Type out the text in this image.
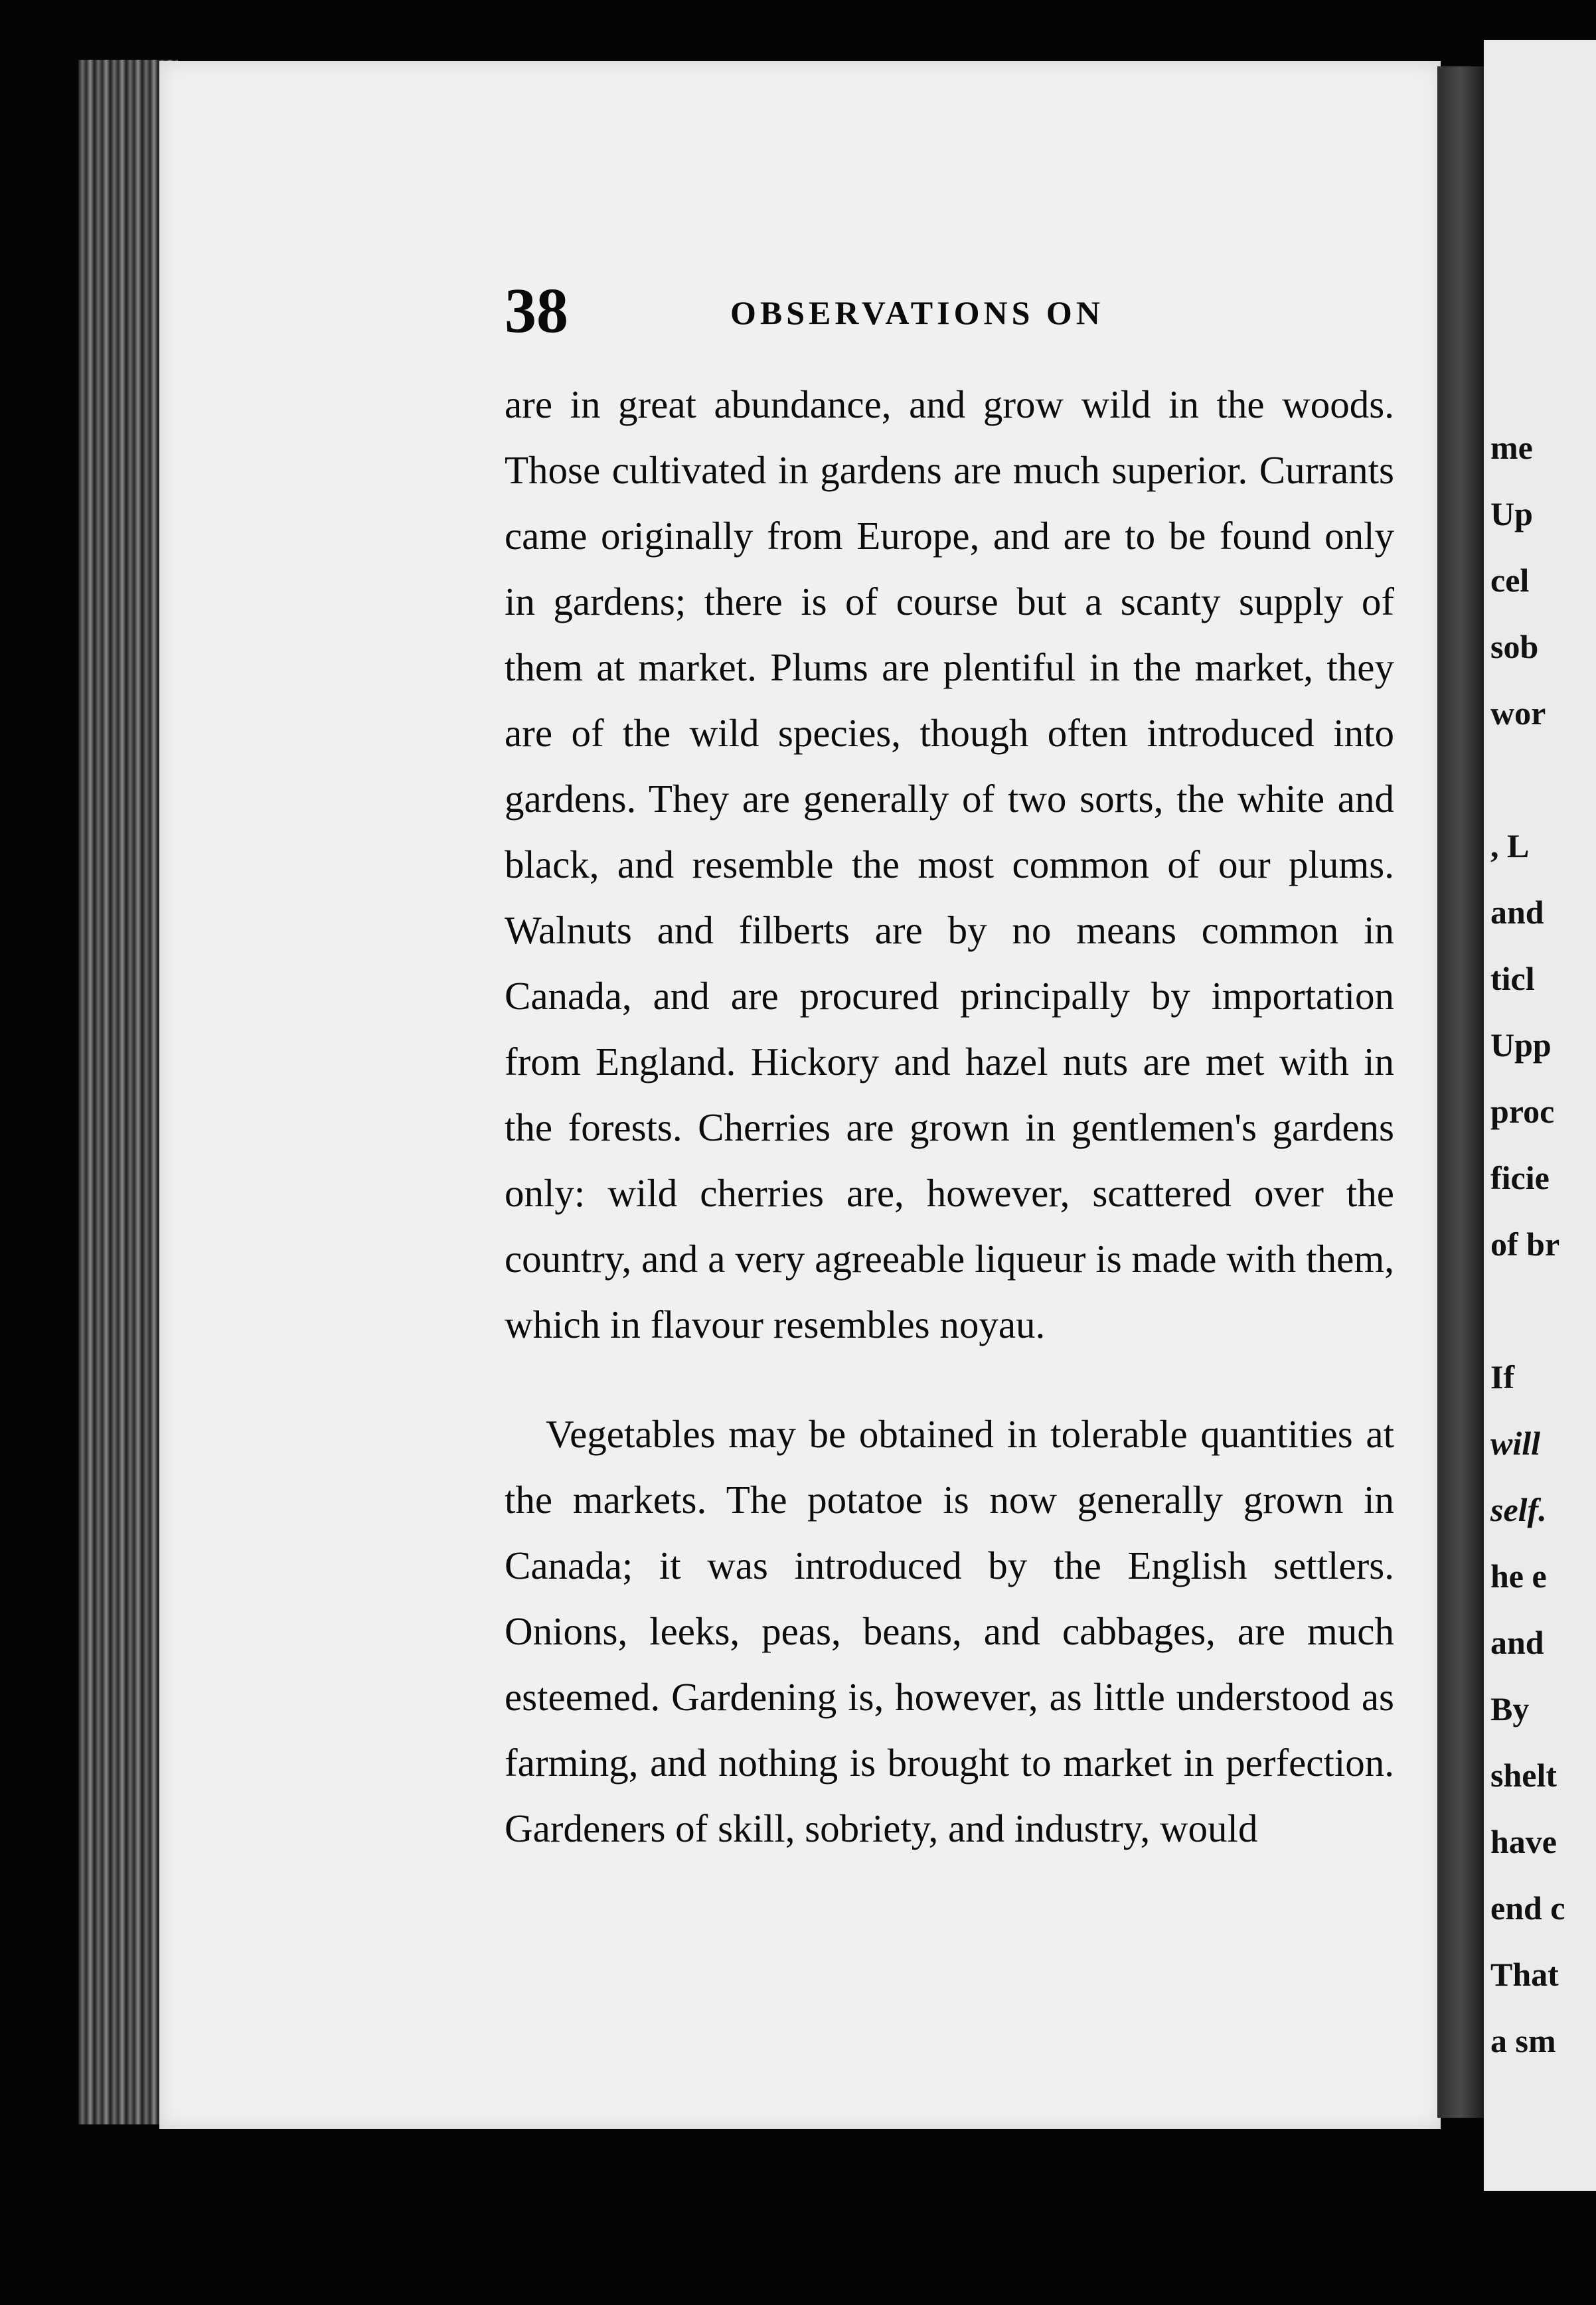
me
Up
cel
sob
wor
, L
and
ticl
Upp
proc
ficie
of br
If
will
self.
he e
and
By
shelt
have
end c
That
a sm
38	OBSERVATIONS ON

are in great abundance, and grow wild in the woods. Those cultivated in gardens are much superior. Currants came originally from Europe, and are to be found only in gardens; there is of course but a scanty supply of them at market. Plums are plentiful in the market, they are of the wild species, though often introduced into gardens. They are generally of two sorts, the white and black, and resemble the most common of our plums. Walnuts and filberts are by no means common in Canada, and are procured principally by importation from England. Hickory and hazel nuts are met with in the forests. Cherries are grown in gentlemen's gardens only: wild cherries are, however, scattered over the country, and a very agreeable liqueur is made with them, which in flavour resembles noyau.

Vegetables may be obtained in tolerable quantities at the markets. The potatoe is now generally grown in Canada; it was introduced by the English settlers. Onions, leeks, peas, beans, and cabbages, are much esteemed. Gardening is, however, as little understood as farming, and nothing is brought to market in perfection. Gardeners of skill, sobriety, and industry, would
